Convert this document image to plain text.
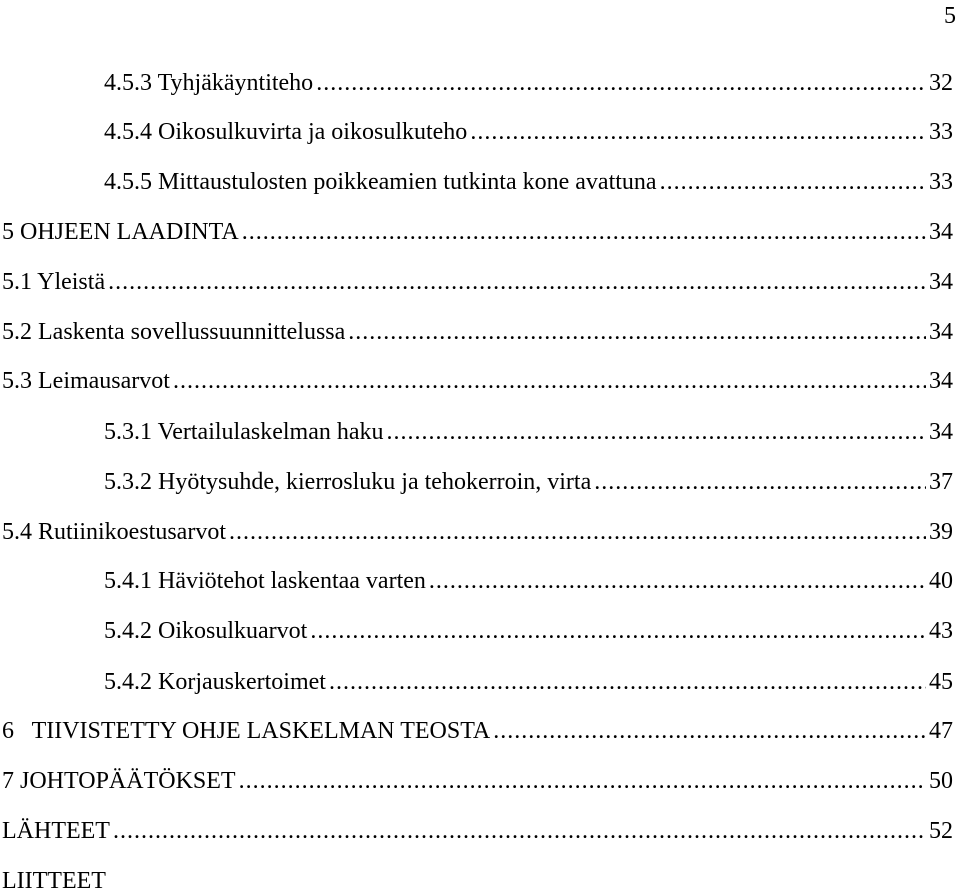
5
4.5.3 Tyhjäkäyntiteho .....	32
4.5.4 Oikosulkuvirta ja oikosulkuteho .....	33
4.5.5 Mittaustulosten poikkeamien tutkinta kone avattuna .....	33
5 OHJEEN LAADINTA .....	34
5.1 Yleistä .....	34
5.2 Laskenta sovellussuunnittelussa .....	34
5.3 Leimausarvot .....	34
5.3.1 Vertailulaskelman haku .....	34
5.3.2 Hyötysuhde, kierrosluku ja tehokerroin, virta .....	37
5.4 Rutiinikoestusarvot .....	39
5.4.1 Häviötehot laskentaa varten .....	40
5.4.2 Oikosulkuarvot .....	43
5.4.2 Korjauskertoimet .....	45
6   TIIVISTETTY OHJE LASKELMAN TEOSTA .....	47
7 JOHTOPÄÄTÖKSET .....	50
LÄHTEET .....	52
LIITTEET
